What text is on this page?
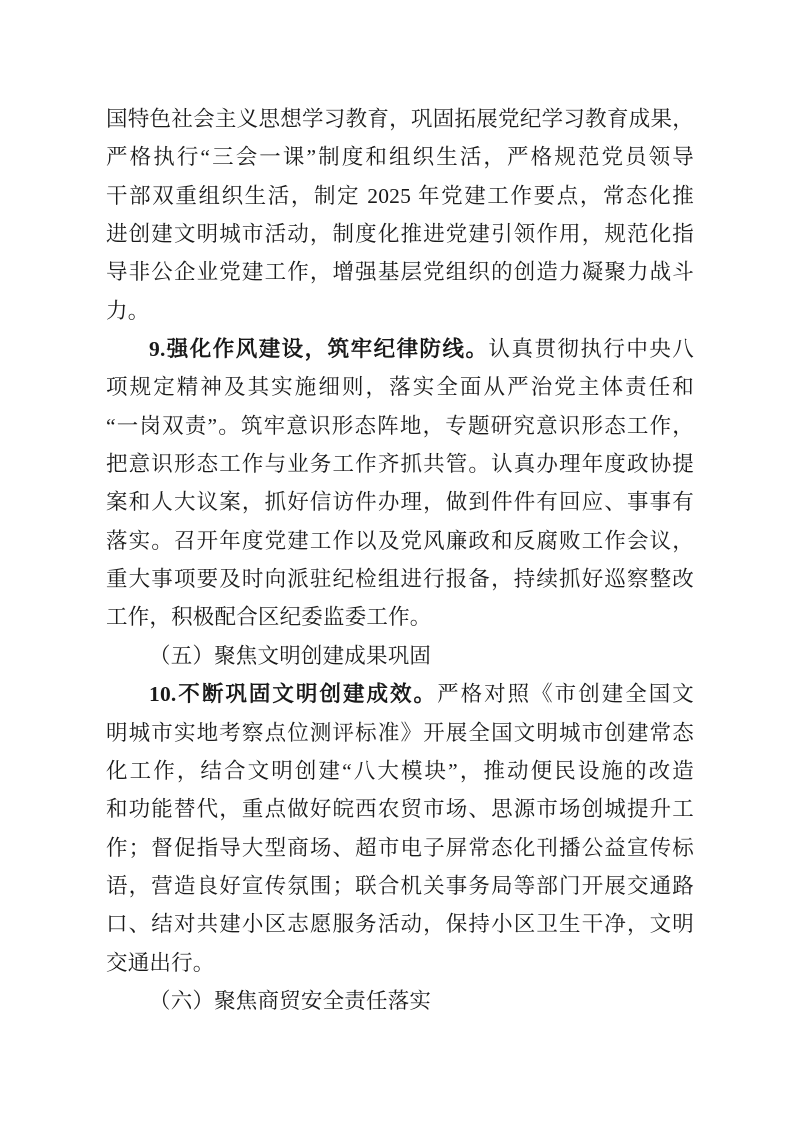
国特色社会主义思想学习教育，巩固拓展党纪学习教育成果，
严格执行“三会一课”制度和组织生活，严格规范党员领导
干部双重组织生活，制定 2025 年党建工作要点，常态化推
进创建文明城市活动，制度化推进党建引领作用，规范化指
导非公企业党建工作，增强基层党组织的创造力凝聚力战斗
力。
9.强化作风建设，筑牢纪律防线。认真贯彻执行中央八
项规定精神及其实施细则，落实全面从严治党主体责任和
“一岗双责”。筑牢意识形态阵地，专题研究意识形态工作，
把意识形态工作与业务工作齐抓共管。认真办理年度政协提
案和人大议案，抓好信访件办理，做到件件有回应、事事有
落实。召开年度党建工作以及党风廉政和反腐败工作会议，
重大事项要及时向派驻纪检组进行报备，持续抓好巡察整改
工作，积极配合区纪委监委工作。
（五）聚焦文明创建成果巩固
10.不断巩固文明创建成效。严格对照《市创建全国文
明城市实地考察点位测评标准》开展全国文明城市创建常态
化工作，结合文明创建“八大模块”，推动便民设施的改造
和功能替代，重点做好皖西农贸市场、思源市场创城提升工
作；督促指导大型商场、超市电子屏常态化刊播公益宣传标
语，营造良好宣传氛围；联合机关事务局等部门开展交通路
口、结对共建小区志愿服务活动，保持小区卫生干净，文明
交通出行。
（六）聚焦商贸安全责任落实
